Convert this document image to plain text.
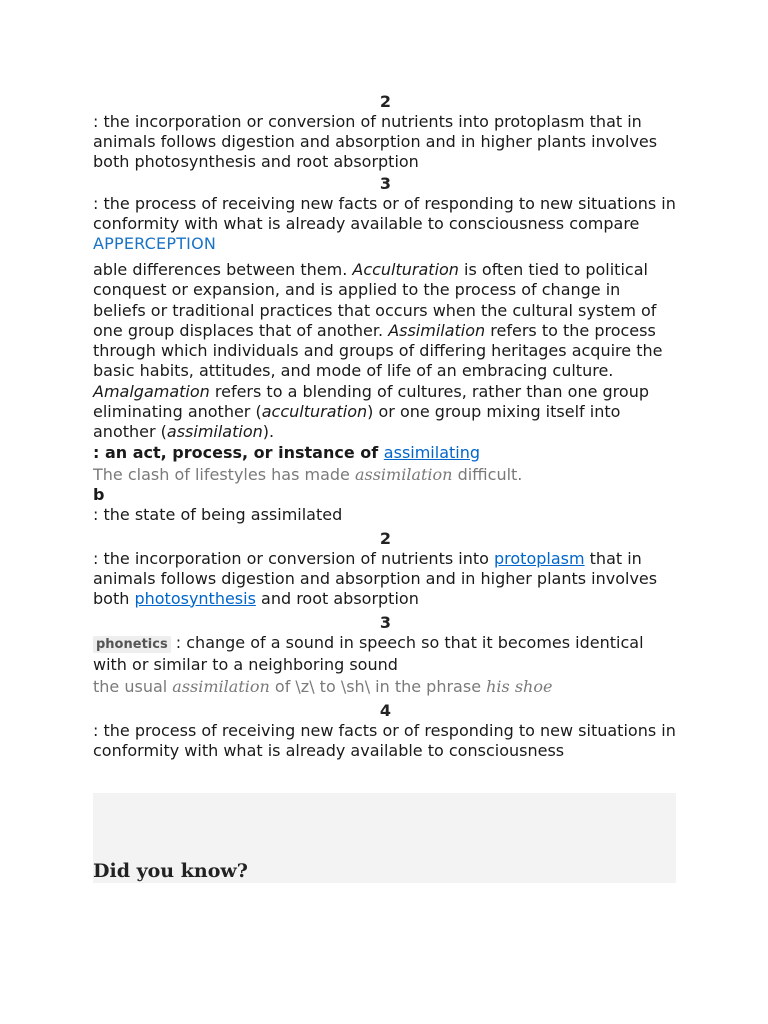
2

: the incorporation or conversion of nutrients into protoplasm that in animals follows digestion and absorption and in higher plants involves both photosynthesis and root absorption

3

: the process of receiving new facts or of responding to new situations in conformity with what is already available to consciousness compare APPERCEPTION

able differences between them. Acculturation is often tied to political conquest or expansion, and is applied to the process of change in beliefs or traditional practices that occurs when the cultural system of one group displaces that of another. Assimilation refers to the process through which individuals and groups of differing heritages acquire the basic habits, attitudes, and mode of life of an embracing culture. Amalgamation refers to a blending of cultures, rather than one group eliminating another (acculturation) or one group mixing itself into another (assimilation).

: an act, process, or instance of assimilating

The clash of lifestyles has made assimilation difficult.

b

: the state of being assimilated

2

: the incorporation or conversion of nutrients into protoplasm that in animals follows digestion and absorption and in higher plants involves both photosynthesis and root absorption

3

phonetics : change of a sound in speech so that it becomes identical with or similar to a neighboring sound

the usual assimilation of \z\ to \sh\ in the phrase his shoe

4

: the process of receiving new facts or of responding to new situations in conformity with what is already available to consciousness

Did you know?
